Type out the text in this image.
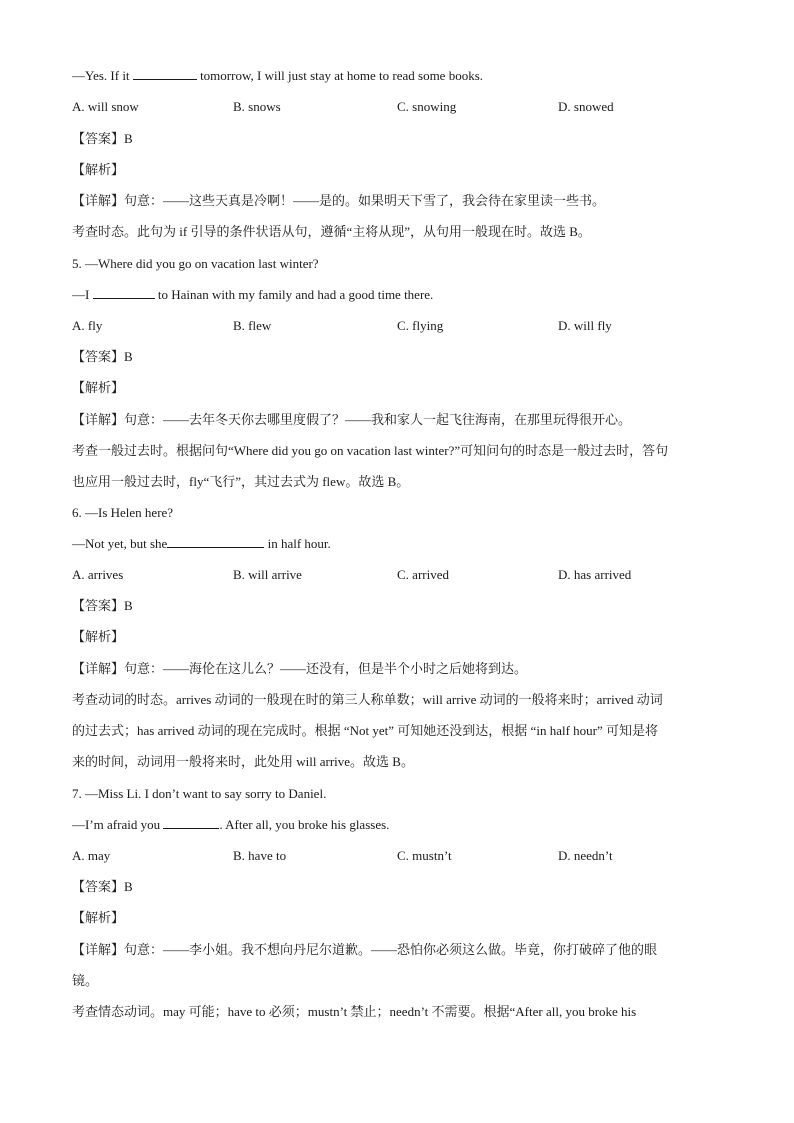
—Yes. If it	tomorrow, I will just stay at home to read some books.
A. will snow	B. snows	C. snowing	D. snowed
【答案】B
【解析】
【详解】句意：——这些天真是冷啊！——是的。如果明天下雪了，我会待在家里读一些书。
考查时态。此句为 if 引导的条件状语从句，遵循“主将从现”，从句用一般现在时。故选 B。
5. —Where did you go on vacation last winter?
—I	to Hainan with my family and had a good time there.
A. fly	B. flew	C. flying	D. will fly
【答案】B
【解析】
【详解】句意：——去年冬天你去哪里度假了？——我和家人一起飞往海南，在那里玩得很开心。
考查一般过去时。根据问句“Where did you go on vacation last winter?”可知问句的时态是一般过去时，答句
也应用一般过去时，fly“飞行”，其过去式为 flew。故选 B。
6. —Is Helen here?
—Not yet, but she	in half hour.
A. arrives	B. will arrive	C. arrived	D. has arrived
【答案】B
【解析】
【详解】句意：——海伦在这儿么？——还没有，但是半个小时之后她将到达。
考查动词的时态。arrives 动词的一般现在时的第三人称单数；will arrive 动词的一般将来时；arrived 动词
的过去式；has arrived 动词的现在完成时。根据 “Not yet” 可知她还没到达，根据 “in half hour” 可知是将
来的时间，动词用一般将来时，此处用 will arrive。故选 B。
7. —Miss Li. I don’t want to say sorry to Daniel.
—I’m afraid you	. After all, you broke his glasses.
A. may	B. have to	C. mustn’t	D. needn’t
【答案】B
【解析】
【详解】句意：——李小姐。我不想向丹尼尔道歉。——恐怕你必须这么做。毕竟，你打破碎了他的眼
镜。
考查情态动词。may 可能；have to 必须；mustn’t 禁止；needn’t 不需要。根据“After all, you broke his
